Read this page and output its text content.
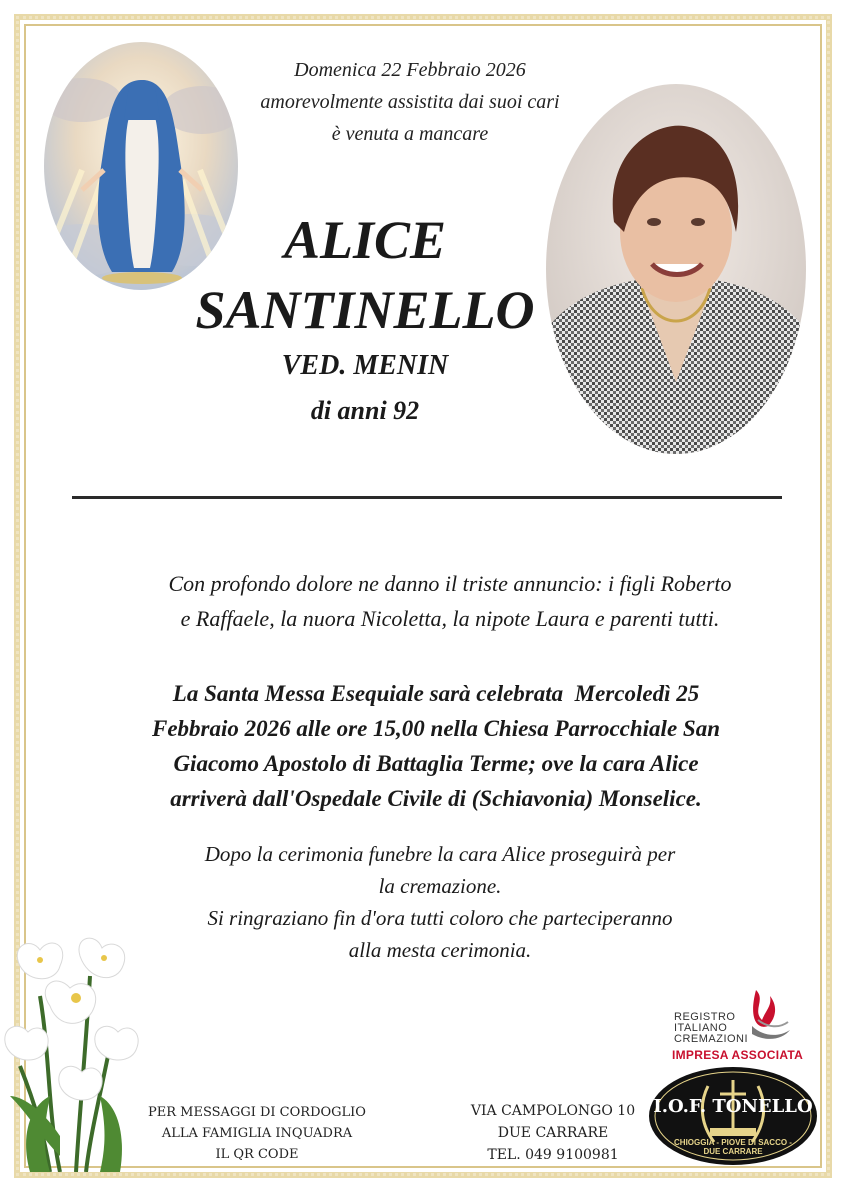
Domenica 22 Febbraio 2026
amorevolmente assistita dai suoi cari
è venuta a mancare
ALICE
SANTINELLO
VED. MENIN
di anni 92
Con profondo dolore ne danno il triste annuncio: i figli Roberto
e Raffaele, la nuora Nicoletta, la nipote Laura e parenti tutti.
La Santa Messa Esequiale sarà celebrata  Mercoledì 25
Febbraio 2026 alle ore 15,00 nella Chiesa Parrocchiale San
Giacomo Apostolo di Battaglia Terme; ove la cara Alice
arriverà dall'Ospedale Civile di (Schiavonia) Monselice.
Dopo la cerimonia funebre la cara Alice proseguirà per
la cremazione.
Si ringraziano fin d'ora tutti coloro che parteciperanno
alla mesta cerimonia.
PER MESSAGGI DI CORDOGLIO
ALLA FAMIGLIA INQUADRA
IL QR CODE
VIA CAMPOLONGO 10
DUE CARRARE
TEL. 049 9100981
REGISTRO
ITALIANO
CREMAZIONI
IMPRESA ASSOCIATA
I.O.F. TONELLO
CHIOGGIA - PIOVE DI SACCO - DUE CARRARE
